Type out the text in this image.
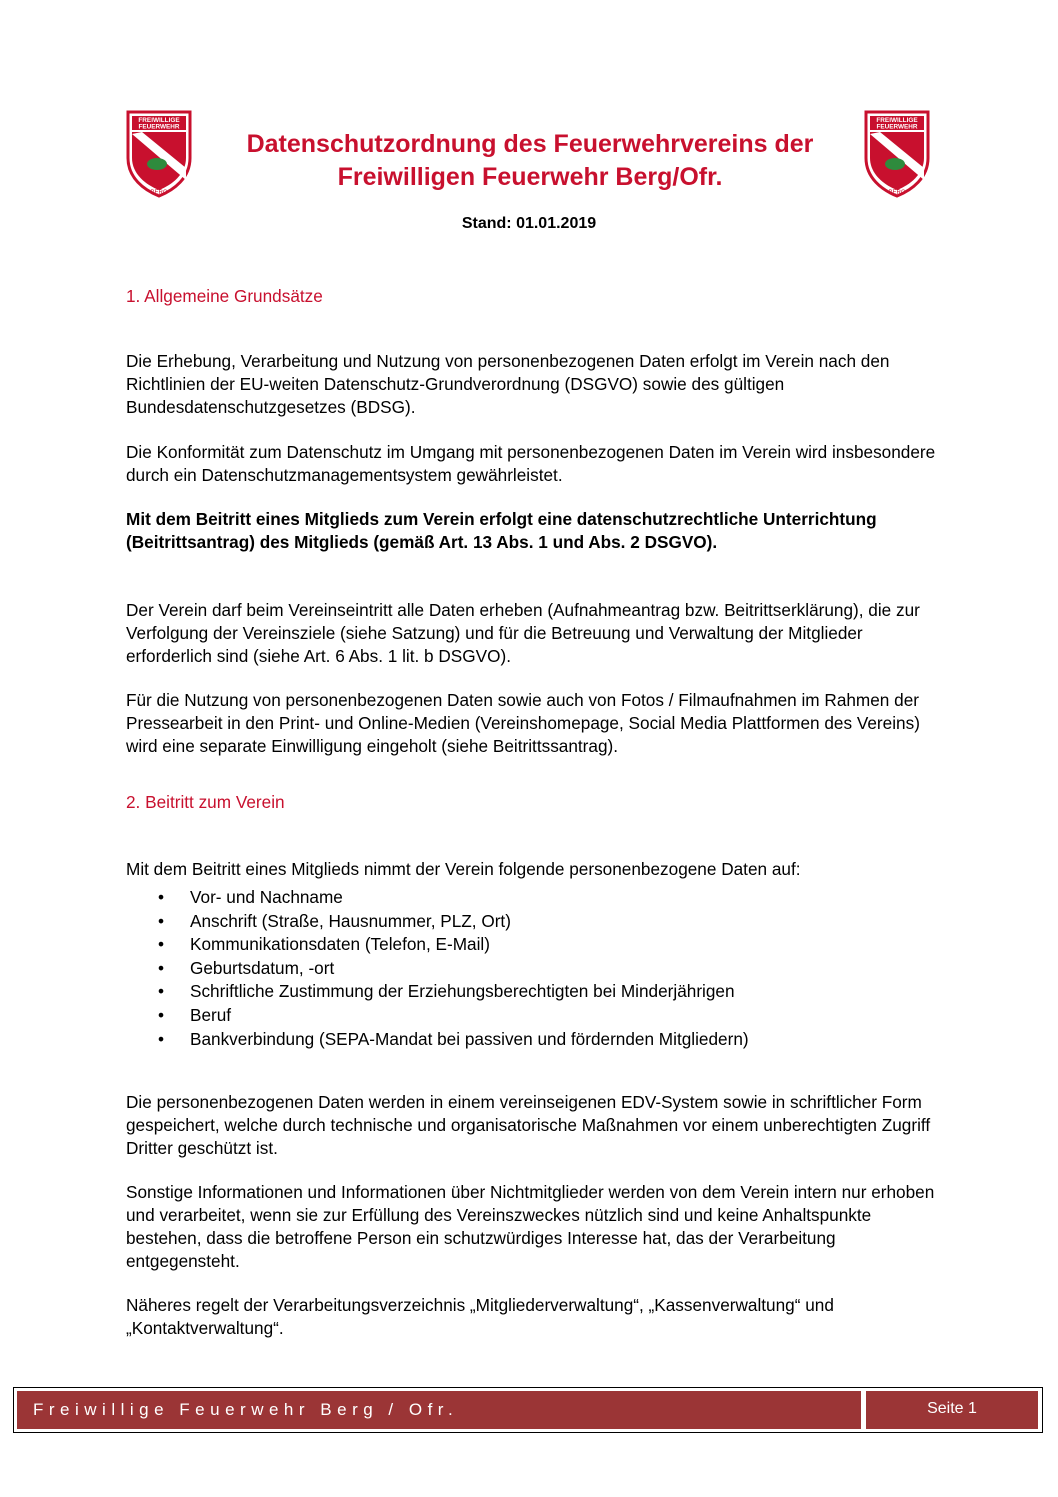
FREIWILLIGE
FEUERWEHR
BERG
FREIWILLIGE
FEUERWEHR
BERG
Datenschutzordnung des Feuerwehrvereins der
Freiwilligen Feuerwehr Berg/Ofr.

Stand: 01.01.2019

1. Allgemeine Grundsätze

Die Erhebung, Verarbeitung und Nutzung von personenbezogenen Daten erfolgt im Verein nach den Richtlinien der EU-weiten Datenschutz-Grundverordnung (DSGVO) sowie des gültigen Bundesdatenschutzgesetzes (BDSG).

Die Konformität zum Datenschutz im Umgang mit personenbezogenen Daten im Verein wird insbesondere durch ein Datenschutzmanagementsystem gewährleistet.

Mit dem Beitritt eines Mitglieds zum Verein erfolgt eine datenschutzrechtliche Unterrichtung (Beitrittsantrag) des Mitglieds (gemäß Art. 13 Abs. 1 und Abs. 2 DSGVO).

Der Verein darf beim Vereinseintritt alle Daten erheben (Aufnahmeantrag bzw. Beitrittserklärung), die zur Verfolgung der Vereinsziele (siehe Satzung) und für die Betreuung und Verwaltung der Mitglieder erforderlich sind (siehe Art. 6 Abs. 1 lit. b DSGVO).

Für die Nutzung von personenbezogenen Daten sowie auch von Fotos / Filmaufnahmen im Rahmen der Pressearbeit in den Print- und Online-Medien (Vereinshomepage, Social Media Plattformen des Vereins) wird eine separate Einwilligung eingeholt (siehe Beitrittssantrag).

2. Beitritt zum Verein

Mit dem Beitritt eines Mitglieds nimmt der Verein folgende personenbezogene Daten auf:

• Vor- und Nachname
• Anschrift (Straße, Hausnummer, PLZ, Ort)
• Kommunikationsdaten (Telefon, E-Mail)
• Geburtsdatum, -ort
• Schriftliche Zustimmung der Erziehungsberechtigten bei Minderjährigen
• Beruf
• Bankverbindung (SEPA-Mandat bei passiven und fördernden Mitgliedern)

Die personenbezogenen Daten werden in einem vereinseigenen EDV-System sowie in schriftlicher Form gespeichert, welche durch technische und organisatorische Maßnahmen vor einem unberechtigten Zugriff Dritter geschützt ist.

Sonstige Informationen und Informationen über Nichtmitglieder werden von dem Verein intern nur erhoben und verarbeitet, wenn sie zur Erfüllung des Vereinszweckes nützlich sind und keine Anhaltspunkte bestehen, dass die betroffene Person ein schutzwürdiges Interesse hat, das der Verarbeitung entgegensteht.

Näheres regelt der Verarbeitungsverzeichnis „Mitgliederverwaltung“, „Kassenverwaltung“ und „Kontaktverwaltung“.

Freiwillige Feuerwehr Berg / Ofr.	Seite 1
